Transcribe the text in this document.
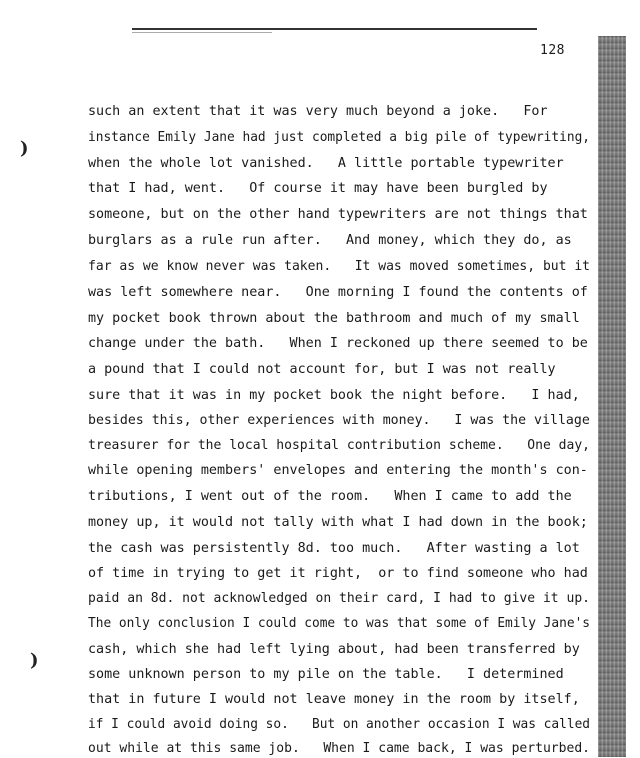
128
)
)
such an extent that it was very much beyond a joke.   For
instance Emily Jane had just completed a big pile of typewriting,
when the whole lot vanished.   A little portable typewriter
that I had, went.   Of course it may have been burgled by
someone, but on the other hand typewriters are not things that
burglars as a rule run after.   And money, which they do, as
far as we know never was taken.   It was moved sometimes, but it
was left somewhere near.   One morning I found the contents of
my pocket book thrown about the bathroom and much of my small
change under the bath.   When I reckoned up there seemed to be
a pound that I could not account for, but I was not really
sure that it was in my pocket book the night before.   I had,
besides this, other experiences with money.   I was the village
treasurer for the local hospital contribution scheme.   One day,
while opening members' envelopes and entering the month's con-
tributions, I went out of the room.   When I came to add the
money up, it would not tally with what I had down in the book;
the cash was persistently 8d. too much.   After wasting a lot
of time in trying to get it right,  or to find someone who had
paid an 8d. not acknowledged on their card, I had to give it up.
The only conclusion I could come to was that some of Emily Jane's
cash, which she had left lying about, had been transferred by
some unknown person to my pile on the table.   I determined
that in future I would not leave money in the room by itself,
if I could avoid doing so.   But on another occasion I was called
out while at this same job.   When I came back, I was perturbed.
